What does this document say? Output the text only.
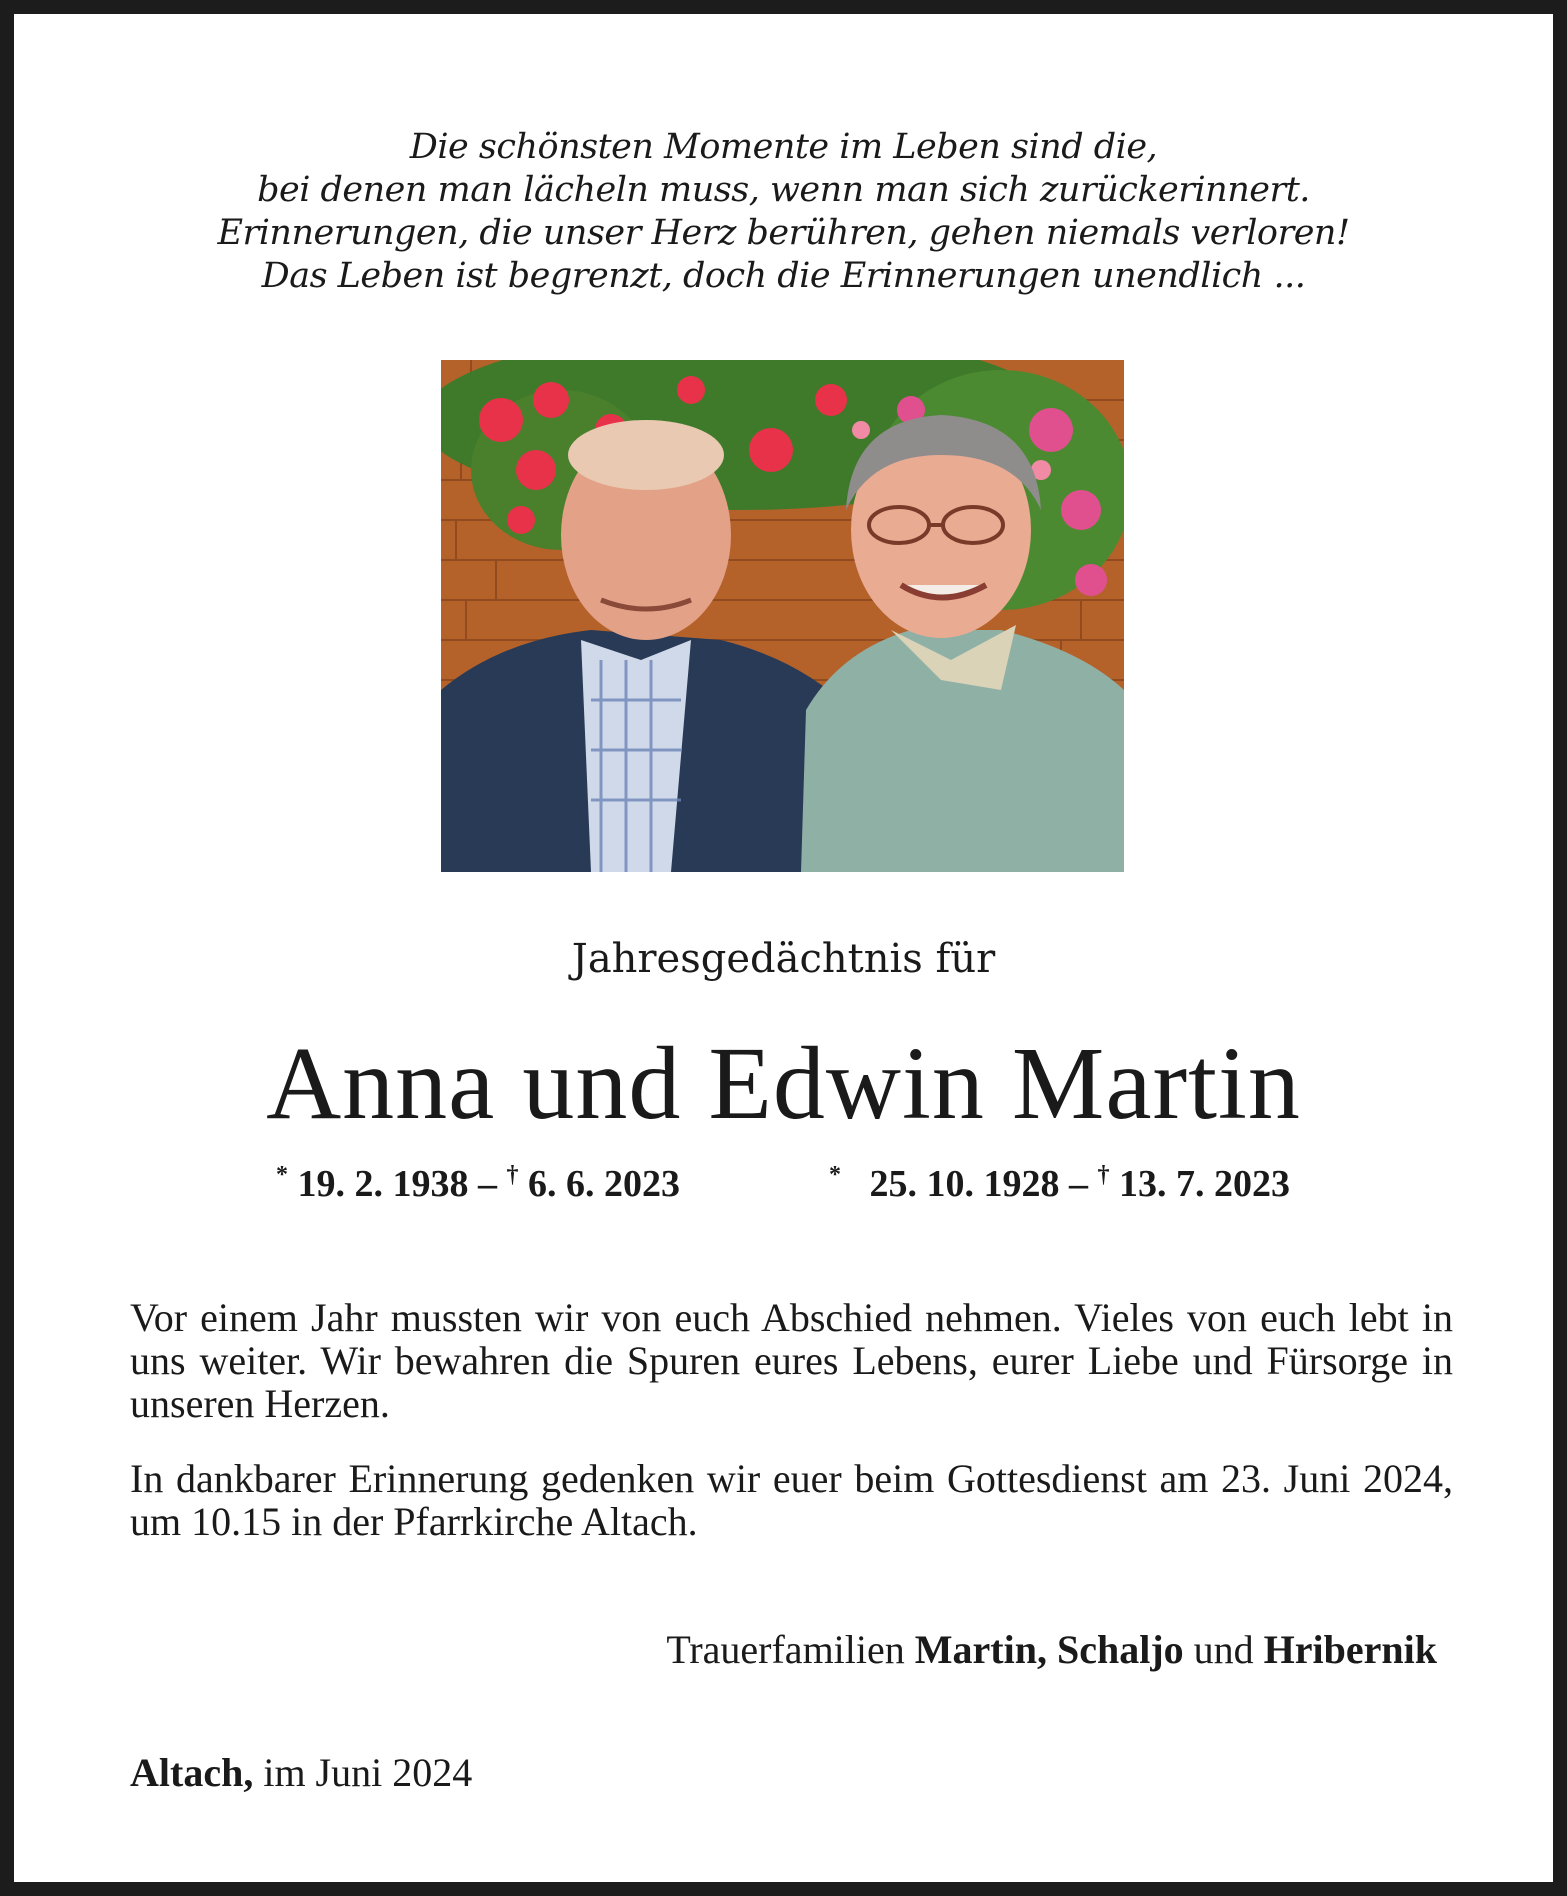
Die schönsten Momente im Leben sind die,
bei denen man lächeln muss, wenn man sich zurückerinnert.
Erinnerungen, die unser Herz berühren, gehen niemals verloren!
Das Leben ist begrenzt, doch die Erinnerungen unendlich ...
Jahresgedächtnis für
Anna und Edwin Martin
* 19. 2. 1938 – † 6. 6. 2023	* 25. 10. 1928 – † 13. 7. 2023
Vor einem Jahr mussten wir von euch Abschied nehmen. Vieles von euch lebt in uns weiter. Wir bewahren die Spuren eures Lebens, eurer Liebe und Fürsorge in unseren Herzen.
In dankbarer Erinnerung gedenken wir euer beim Gottesdienst am 23. Juni 2024, um 10.15 in der Pfarrkirche Altach.
Trauerfamilien Martin, Schaljo und Hribernik
Altach, im Juni 2024
